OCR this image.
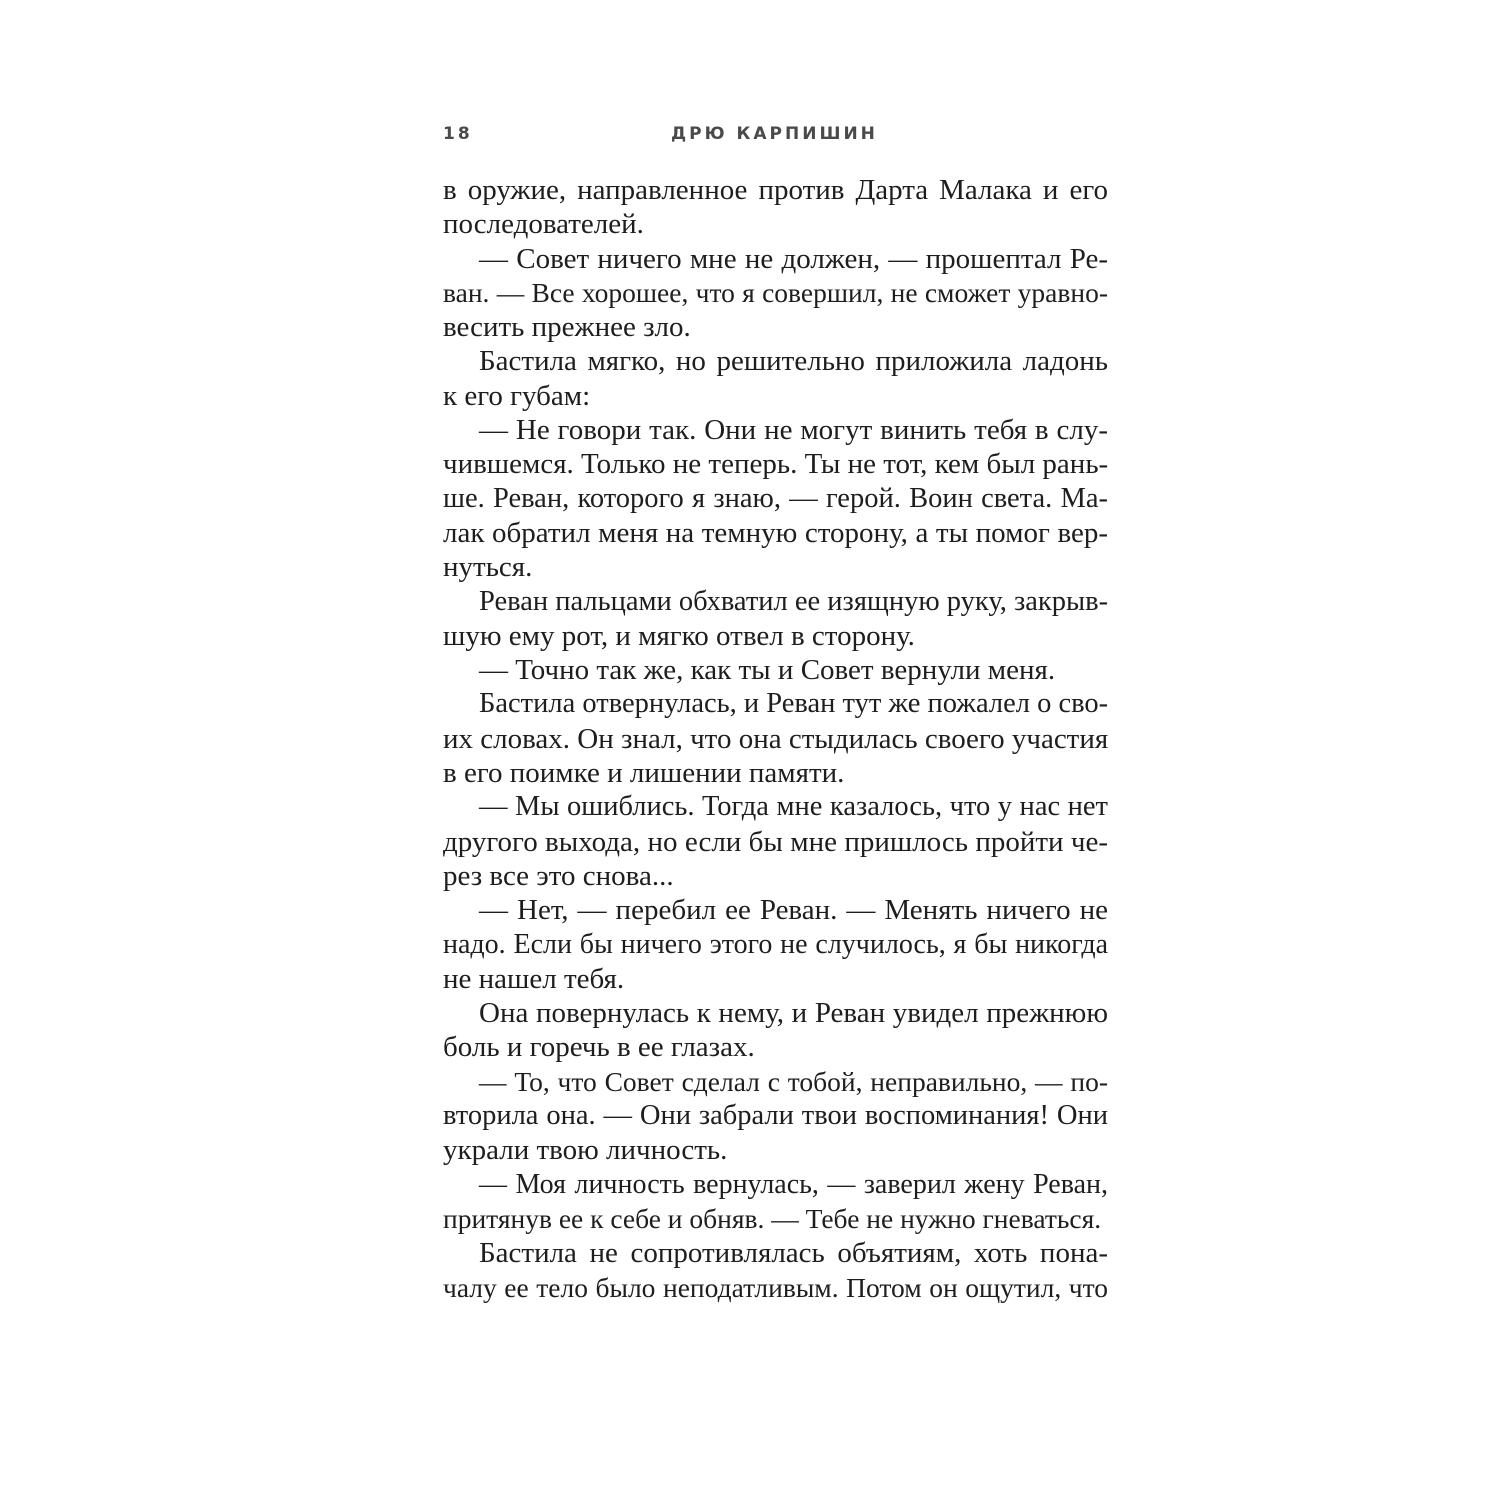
18	ДРЮ КАРПИШИН
в оружие, направленное против Дарта Малака и его
последователей.
— Совет ничего мне не должен, — прошептал Ре-
ван. — Все хорошее, что я совершил, не сможет уравно-
весить прежнее зло.
Бастила мягко, но решительно приложила ладонь
к его губам:
— Не говори так. Они не могут винить тебя в слу-
чившемся. Только не теперь. Ты не тот, кем был рань-
ше. Реван, которого я знаю, — герой. Воин света. Ма-
лак обратил меня на темную сторону, а ты помог вер-
нуться.
Реван пальцами обхватил ее изящную руку, закрыв-
шую ему рот, и мягко отвел в сторону.
— Точно так же, как ты и Совет вернули меня.
Бастила отвернулась, и Реван тут же пожалел о сво-
их словах. Он знал, что она стыдилась своего участия
в его поимке и лишении памяти.
— Мы ошиблись. Тогда мне казалось, что у нас нет
другого выхода, но если бы мне пришлось пройти че-
рез все это снова...
— Нет, — перебил ее Реван. — Менять ничего не
надо. Если бы ничего этого не случилось, я бы никогда
не нашел тебя.
Она повернулась к нему, и Реван увидел прежнюю
боль и горечь в ее глазах.
— То, что Совет сделал с тобой, неправильно, — по-
вторила она. — Они забрали твои воспоминания! Они
украли твою личность.
— Моя личность вернулась, — заверил жену Реван,
притянув ее к себе и обняв. — Тебе не нужно гневаться.
Бастила не сопротивлялась объятиям, хоть пона-
чалу ее тело было неподатливым. Потом он ощутил, что
